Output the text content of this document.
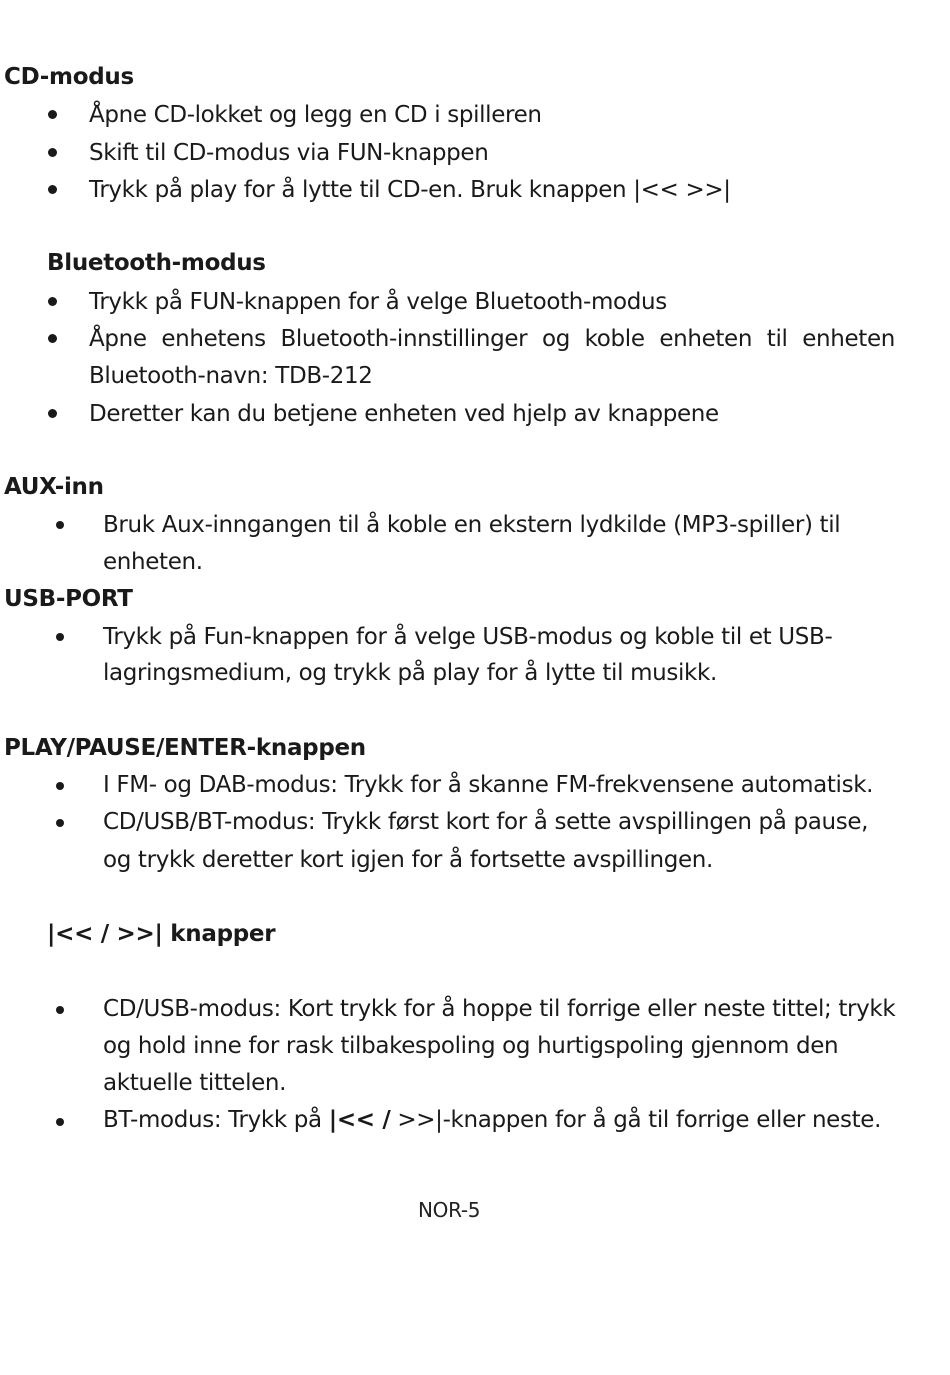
CD-modus
Åpne CD-lokket og legg en CD i spilleren
Skift til CD-modus via FUN-knappen
Trykk på play for å lytte til CD-en. Bruk knappen |<< >>|
Bluetooth-modus
Trykk på FUN-knappen for å velge Bluetooth-modus
Åpne enhetens Bluetooth-innstillinger og koble enheten til enheten
Bluetooth-navn: TDB-212
Deretter kan du betjene enheten ved hjelp av knappene
AUX-inn
Bruk Aux-inngangen til å koble en ekstern lydkilde (MP3-spiller) til
enheten.
USB-PORT
Trykk på Fun-knappen for å velge USB-modus og koble til et USB-
lagringsmedium, og trykk på play for å lytte til musikk.
PLAY/PAUSE/ENTER-knappen
I FM- og DAB-modus: Trykk for å skanne FM-frekvensene automatisk.
CD/USB/BT-modus: Trykk først kort for å sette avspillingen på pause,
og trykk deretter kort igjen for å fortsette avspillingen.
|<< / >>| knapper
CD/USB-modus: Kort trykk for å hoppe til forrige eller neste tittel; trykk
og hold inne for rask tilbakespoling og hurtigspoling gjennom den
aktuelle tittelen.
BT-modus: Trykk på |<< / >>|-knappen for å gå til forrige eller neste.
NOR-5
